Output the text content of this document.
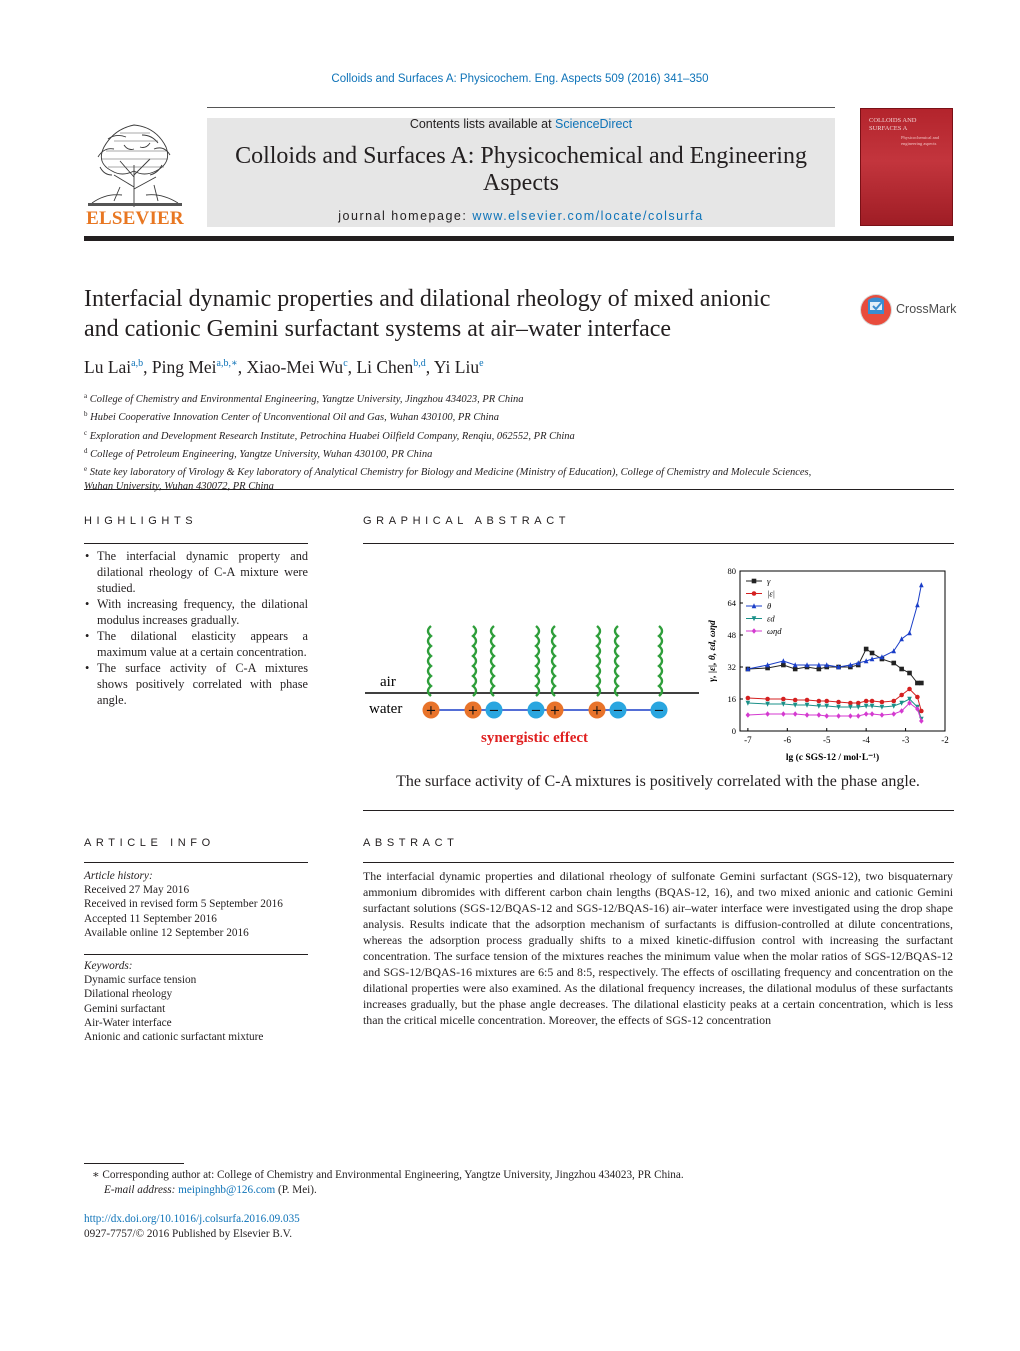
Colloids and Surfaces A: Physicochem. Eng. Aspects 509 (2016) 341–350
ELSEVIER
Contents lists available at ScienceDirect
Colloids and Surfaces A: Physicochemical and Engineering Aspects
journal homepage: www.elsevier.com/locate/colsurfa
COLLOIDS AND SURFACES A
Physicochemical and engineering aspects
Interfacial dynamic properties and dilational rheology of mixed anionic and cationic Gemini surfactant systems at air–water interface
CrossMark
Lu Lai$^{a,b}$, Ping Mei$^{a,b,∗}$, Xiao-Mei Wu$^c$, Li Chen$^{b,d}$, Yi Liu$^e$
$^a$ College of Chemistry and Environmental Engineering, Yangtze University, Jingzhou 434023, PR China
$^b$ Hubei Cooperative Innovation Center of Unconventional Oil and Gas, Wuhan 430100, PR China
$^c$ Exploration and Development Research Institute, Petrochina Huabei Oilfield Company, Renqiu, 062552, PR China
$^d$ College of Petroleum Engineering, Yangtze University, Wuhan 430100, PR China
$^e$ State key laboratory of Virology & Key laboratory of Analytical Chemistry for Biology and Medicine (Ministry of Education), College of Chemistry and Molecule Sciences, Wuhan University, Wuhan 430072, PR China
HIGHLIGHTS
• The interfacial dynamic property and dilational rheology of C-A mixture were studied.
• With increasing frequency, the dilational modulus increases gradually.
• The dilational elasticity appears a maximum value at a certain concentration.
• The surface activity of C-A mixtures shows positively correlated with phase angle.
GRAPHICAL ABSTRACT
air
water
synergistic effect
+ + − − + + − −
-7	-6	-5	-4	-3	-2
0
16
32
48
64
80
lg (c SGS-12 / mol·L⁻¹)
γ, |ε|, θ, εd, ωηd
γ
|ε|
θ
εd
ωηd
The surface activity of C-A mixtures is positively correlated with the phase angle.
ARTICLE INFO
Article history:
Received 27 May 2016
Received in revised form 5 September 2016
Accepted 11 September 2016
Available online 12 September 2016
Keywords:
Dynamic surface tension
Dilational rheology
Gemini surfactant
Air-Water interface
Anionic and cationic surfactant mixture
ABSTRACT
The interfacial dynamic properties and dilational rheology of sulfonate Gemini surfactant (SGS-12), two bisquaternary ammonium dibromides with different carbon chain lengths (BQAS-12, 16), and two mixed anionic and cationic Gemini surfactant solutions (SGS-12/BQAS-12 and SGS-12/BQAS-16) air–water interface were investigated using the drop shape analysis. Results indicate that the adsorption mechanism of surfactants is diffusion-controlled at dilute concentrations, whereas the adsorption process gradually shifts to a mixed kinetic-diffusion control with increasing the surfactant concentration. The surface tension of the mixtures reaches the minimum value when the molar ratios of SGS-12/BQAS-12 and SGS-12/BQAS-16 mixtures are 6:5 and 8:5, respectively. The effects of oscillating frequency and concentration on the dilational properties were also examined. As the dilational frequency increases, the dilational modulus of these surfactants increases gradually, but the phase angle decreases. The dilational elasticity peaks at a certain concentration, which is less than the critical micelle concentration. Moreover, the effects of SGS-12 concentration
∗ Corresponding author at: College of Chemistry and Environmental Engineering, Yangtze University, Jingzhou 434023, PR China.
E-mail address: meipinghb@126.com (P. Mei).
http://dx.doi.org/10.1016/j.colsurfa.2016.09.035
0927-7757/© 2016 Published by Elsevier B.V.
